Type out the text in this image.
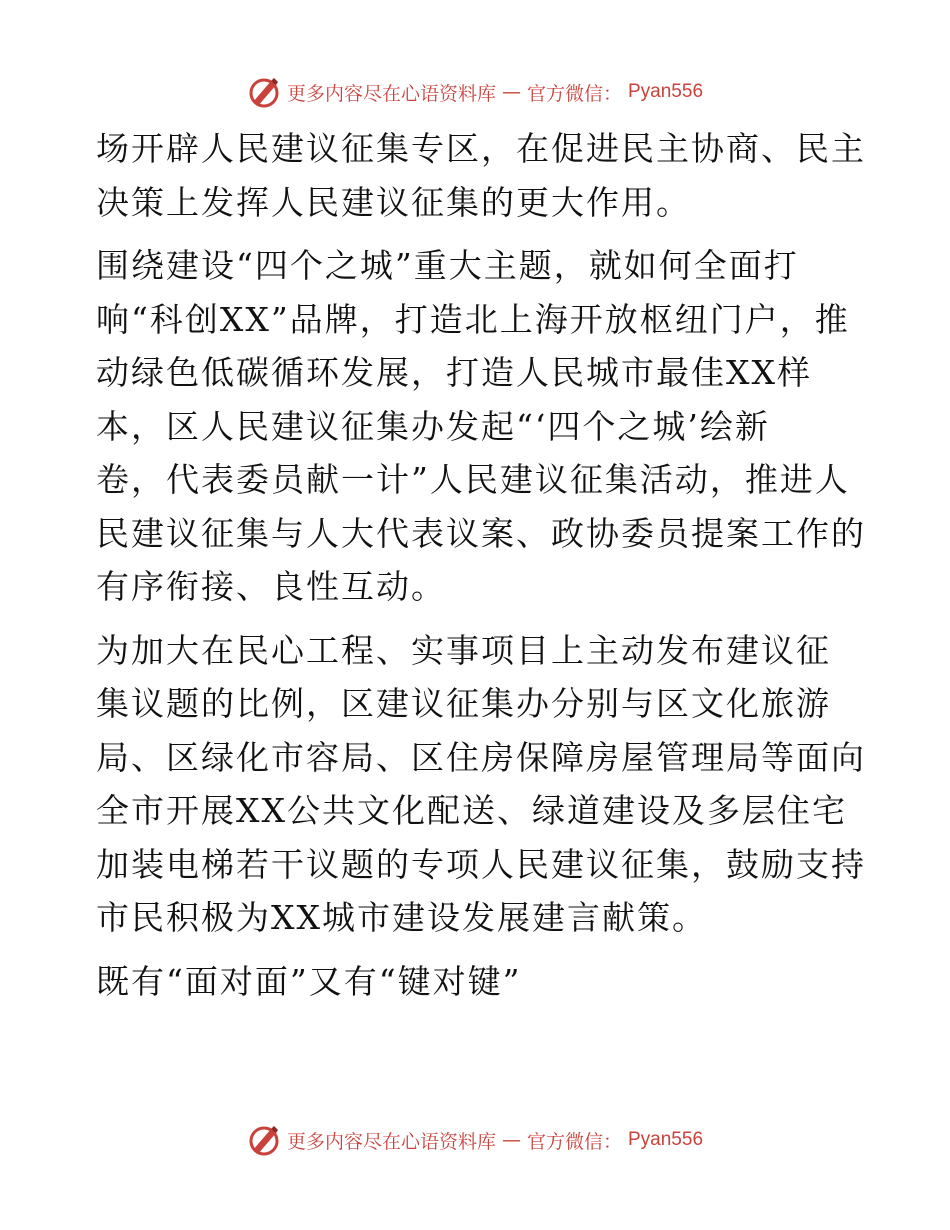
更多内容尽在心语资料库 — 官方微信： Pyan556

场开辟人民建议征集专区，在促进民主协商、民主
决策上发挥人民建议征集的更大作用。

围绕建设“四个之城”重大主题，就如何全面打
响“科创XX”品牌，打造北上海开放枢纽门户，推
动绿色低碳循环发展，打造人民城市最佳XX样
本，区人民建议征集办发起“‘四个之城’绘新
卷，代表委员献一计”人民建议征集活动，推进人
民建议征集与人大代表议案、政协委员提案工作的
有序衔接、良性互动。

为加大在民心工程、实事项目上主动发布建议征
集议题的比例，区建议征集办分别与区文化旅游
局、区绿化市容局、区住房保障房屋管理局等面向
全市开展XX公共文化配送、绿道建设及多层住宅
加装电梯若干议题的专项人民建议征集，鼓励支持
市民积极为XX城市建设发展建言献策。

既有“面对面”又有“键对键”

更多内容尽在心语资料库 — 官方微信： Pyan556
